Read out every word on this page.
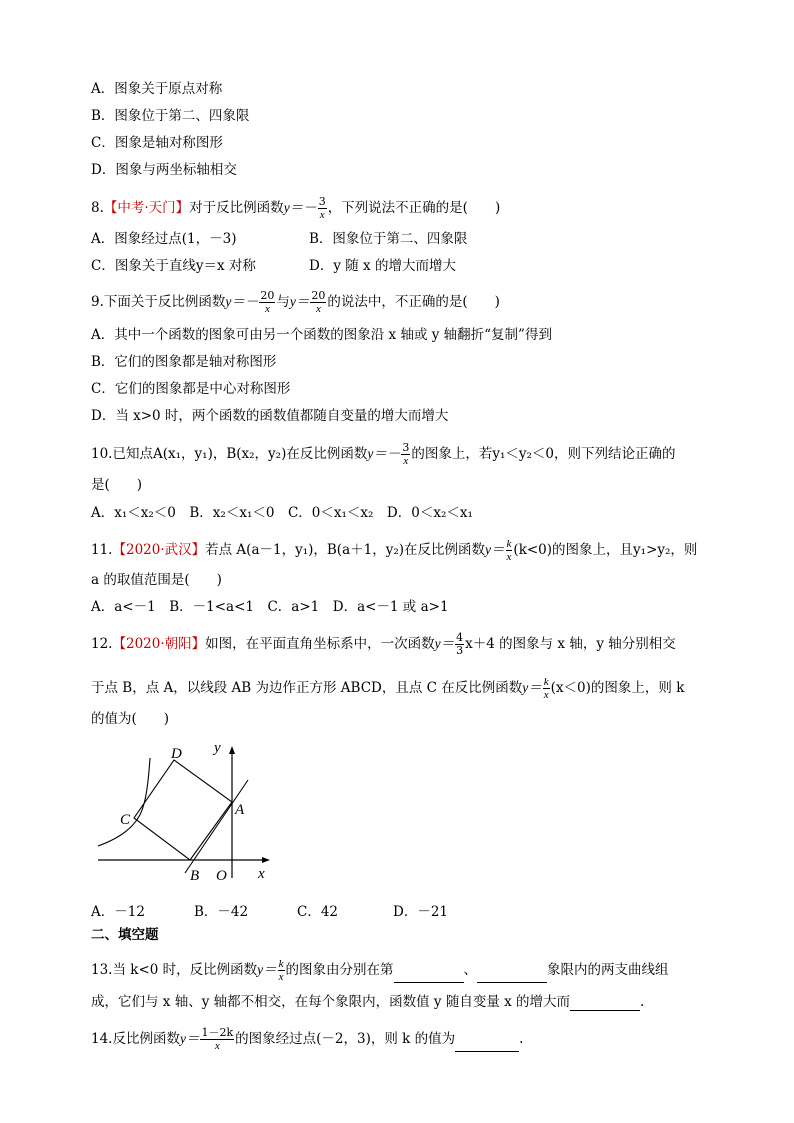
A．图象关于原点对称
B．图象位于第二、四象限
C．图象是轴对称图形
D．图象与两坐标轴相交
8.【中考·天门】对于反比例函数$y=- \frac{3}{x}$ ，下列说法不正确的是(　　)
A．图象经过点(1，－3)	B．图象位于第二、四象限
C．图象关于直线y＝x 对称	D．y 随 x 的增大而增大
9.下面关于反比例函数$y=- \frac{20}{x}$ 与$y= \frac{20}{x}$ 的说法中，不正确的是(　　)
A．其中一个函数的图象可由另一个函数的图象沿 x 轴或 y 轴翻折“复制”得到
B．它们的图象都是轴对称图形
C．它们的图象都是中心对称图形
D．当 x>0 时，两个函数的函数值都随自变量的增大而增大
10.已知点A(x₁，y₁)，B(x₂，y₂)在反比例函数$y=- \frac{3}{x}$ 的图象上，若y₁＜y₂＜0，则下列结论正确的
是(　　)
A．x₁＜x₂＜0　B．x₂＜x₁＜0　C．0＜x₁＜x₂　D．0＜x₂＜x₁
11.【2020·武汉】若点 A(a－1，y₁)，B(a＋1，y₂)在反比例函数$y= \frac{k}{x} (k<0)$的图象上，且y₁>y₂，则
a 的取值范围是(　　)
A．a<－1　B．－1<a<1　C．a>1　D．a<－1 或 a>1
12.【2020·朝阳】如图，在平面直角坐标系中，一次函数$y= \frac{4}{3} x+4$ 的图象与 x 轴，y 轴分别相交
于点 B，点 A，以线段 AB 为边作正方形 ABCD，且点 C 在反比例函数$y= \frac{k}{x} (x<0)$的图象上，则 k
的值为(　　)
D y
A
C
B O x
A．－12	B．－42	C．42	D．－21
二、填空题
13.当 k<0 时，反比例函数$y= \frac{k}{x}$ 的图象由分别在第	、	象限内的两支曲线组
成，它们与 x 轴、y 轴都不相交，在每个象限内，函数值 y 随自变量 x 的增大而	.
14.反比例函数$y= \frac{1-2k}{x}$ 的图象经过点(－2，3)，则 k 的值为	.
